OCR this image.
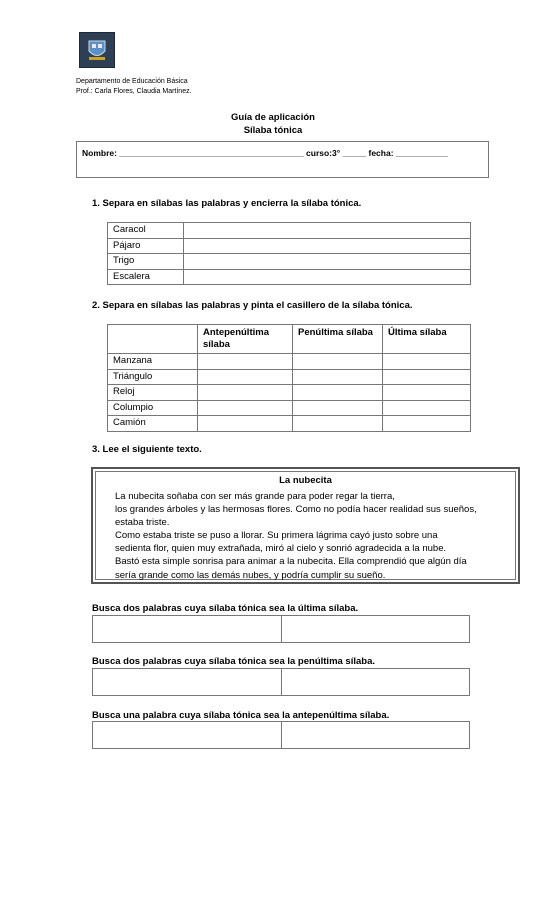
Departamento de Educación Básica
Prof.: Carla Flores, Claudia Martínez.
Guía de aplicación
Sílaba tónica
Nombre: _______________________________________ curso:3° _____ fecha: ___________
1. Separa en sílabas las palabras y encierra la sílaba tónica.
Caracol	
Pájaro	
Trigo	
Escalera	
2. Separa en sílabas las palabras y pinta el casillero de la sílaba tónica.
	Antepenúltima sílaba	Penúltima sílaba	Última sílaba
Manzana			
Triángulo			
Reloj			
Columpio			
Camión			
3. Lee el siguiente texto.
La nubecita

La nubecita soñaba con ser más grande para poder regar la tierra,

los grandes árboles y las hermosas flores. Como no podía hacer realidad sus sueños,

estaba triste.

Como estaba triste se puso a llorar. Su primera lágrima cayó justo sobre una

sedienta flor, quien muy extrañada, miró al cielo y sonrió agradecida a la nube.

Bastó esta simple sonrisa para animar a la nubecita. Ella comprendió que algún día

sería grande como las demás nubes, y podría cumplir su sueño.

Busca dos palabras cuya sílaba tónica sea la última sílaba.
Busca dos palabras cuya sílaba tónica sea la penúltima sílaba.
Busca una palabra cuya sílaba tónica sea la antepenúltima sílaba.
